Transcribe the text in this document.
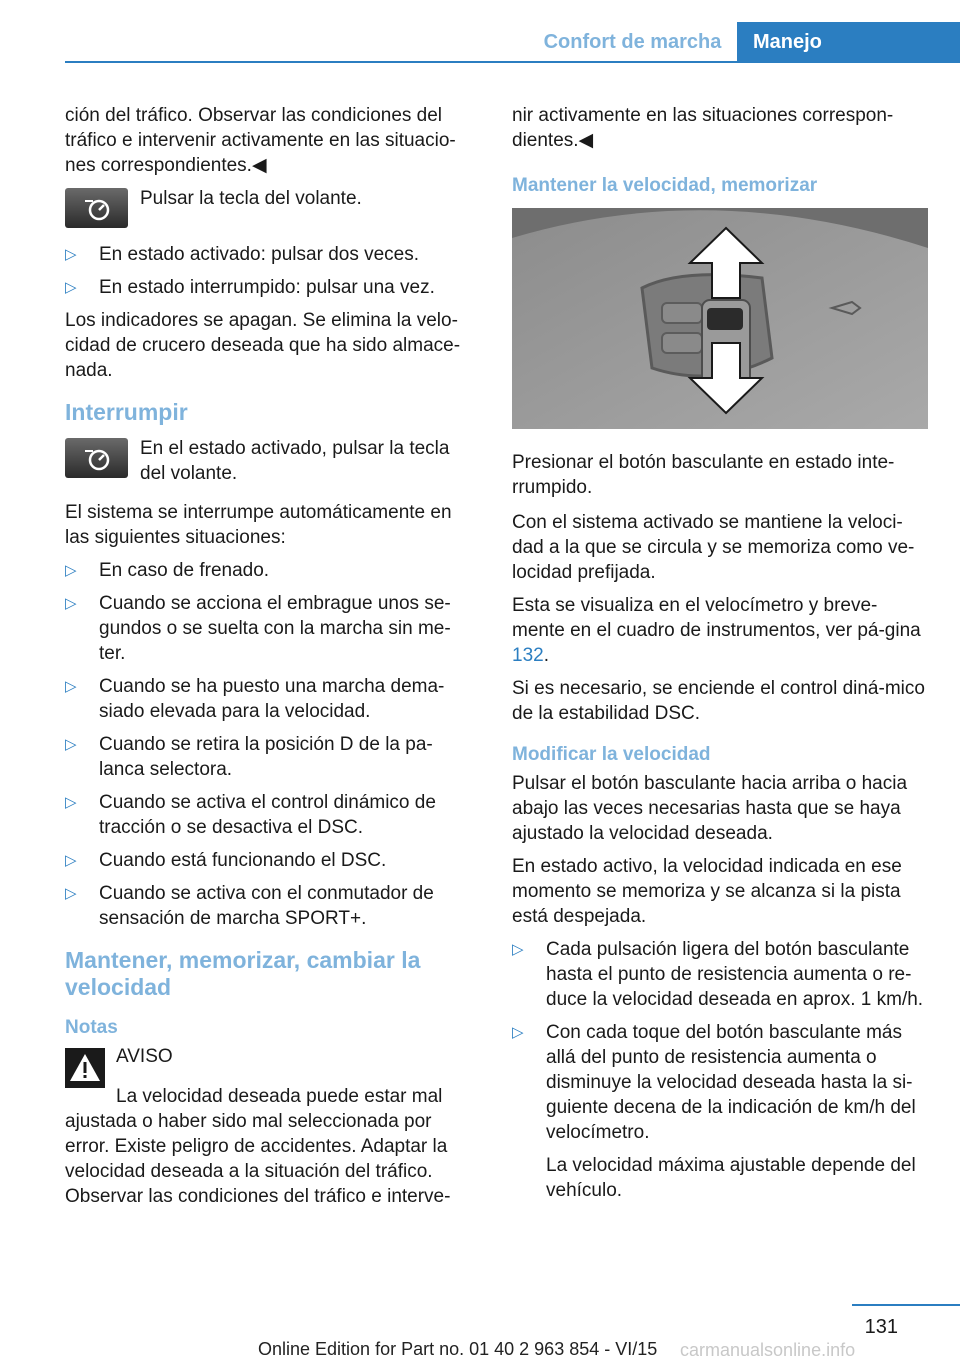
Confort de marcha	Manejo

ción del tráfico. Observar las condiciones del tráfico e intervenir activamente en las situacio‐nes correspondientes.◀

Pulsar la tecla del volante.
▷ En estado activado: pulsar dos veces.
▷ En estado interrumpido: pulsar una vez.

Los indicadores se apagan. Se elimina la velo‐cidad de crucero deseada que ha sido almace‐nada.

Interrumpir
En el estado activado, pulsar la tecla del volante.

El sistema se interrumpe automáticamente en las siguientes situaciones:

▷ En caso de frenado.
▷ Cuando se acciona el embrague unos se‐gundos o se suelta con la marcha sin me‐ter.
▷ Cuando se ha puesto una marcha dema‐siado elevada para la velocidad.
▷ Cuando se retira la posición D de la pa‐lanca selectora.
▷ Cuando se activa el control dinámico de tracción o se desactiva el DSC.
▷ Cuando está funcionando el DSC.
▷ Cuando se activa con el conmutador de sensación de marcha SPORT+.
Mantener, memorizar, cambiar la velocidad
Notas
AVISO

La velocidad deseada puede estar mal ajustada o haber sido mal seleccionada por error. Existe peligro de accidentes. Adaptar la velocidad deseada a la situación del tráfico. Observar las condiciones del tráfico e interve‐

nir activamente en las situaciones correspon‐dientes.◀

Mantener la velocidad, memorizar

Presionar el botón basculante en estado inte‐rrumpido.

Con el sistema activado se mantiene la veloci‐dad a la que se circula y se memoriza como ve‐locidad prefijada.

Esta se visualiza en el velocímetro y breve‐mente en el cuadro de instrumentos, ver pá‐gina 132.

Si es necesario, se enciende el control diná‐mico de la estabilidad DSC.

Modificar la velocidad

Pulsar el botón basculante hacia arriba o hacia abajo las veces necesarias hasta que se haya ajustado la velocidad deseada.

En estado activo, la velocidad indicada en ese momento se memoriza y se alcanza si la pista está despejada.

▷ Cada pulsación ligera del botón basculante hasta el punto de resistencia aumenta o re‐duce la velocidad deseada en aprox. 1 km/h.
▷ Con cada toque del botón basculante más allá del punto de resistencia aumenta o disminuye la velocidad deseada hasta la si‐guiente decena de la indicación de km/h del velocímetro.

La velocidad máxima ajustable depende del vehículo.

131
Online Edition for Part no. 01 40 2 963 854 - VI/15 carmanualsonline.info
